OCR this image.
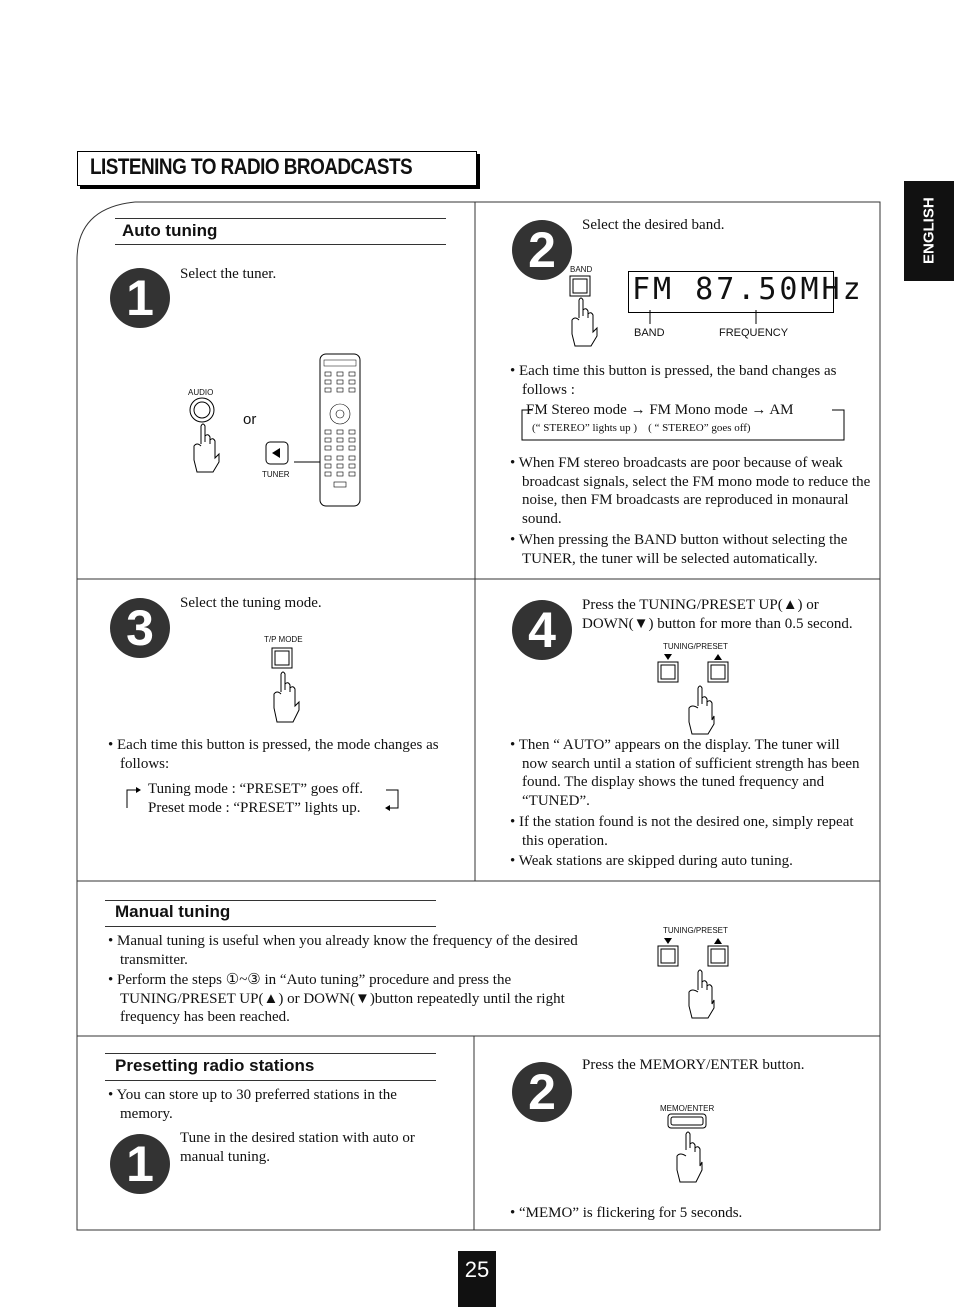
LISTENING TO RADIO BROADCASTS
ENGLISH
Auto tuning
1	Select the tuner.
AUDIO
or
TUNER
2	Select the desired band.
BAND
FM 87.50MHz
BAND	FREQUENCY
• Each time this button is pressed, the band changes as follows :
FM Stereo mode → FM Mono mode → AM
(“ STEREO” lights up )    ( “ STEREO” goes off)
• When FM stereo broadcasts are poor because of weak broadcast signals, select the FM mono mode to reduce the noise, then FM broadcasts are reproduced in monaural sound.
• When pressing the BAND button without selecting the TUNER, the tuner will be selected automatically.
3	Select the tuning mode.
T/P MODE
• Each time this button is pressed, the mode changes as follows:
Tuning mode : “PRESET” goes off.
Preset mode : “PRESET” lights up.
4	Press the TUNING/PRESET UP(▲) or DOWN(▼) button for more than 0.5 second.
TUNING/PRESET
• Then “ AUTO” appears on the display. The tuner will now search until a station of sufficient strength has been found. The display shows the tuned frequency and “TUNED”.
• If the station found is not the desired one, simply repeat this operation.
• Weak stations are skipped during auto tuning.
Manual tuning
• Manual tuning is useful when you already know the frequency of the desired transmitter.
• Perform the steps ①~③ in “Auto tuning” procedure and press the TUNING/PRESET UP(▲) or DOWN(▼)button repeatedly until the right frequency has been reached.
TUNING/PRESET
Presetting radio stations
• You can store up to 30 preferred stations in the memory.
1	Tune in the desired station with auto or manual tuning.
2	Press the MEMORY/ENTER button.
MEMO/ENTER
• “MEMO” is flickering for 5 seconds.
25
